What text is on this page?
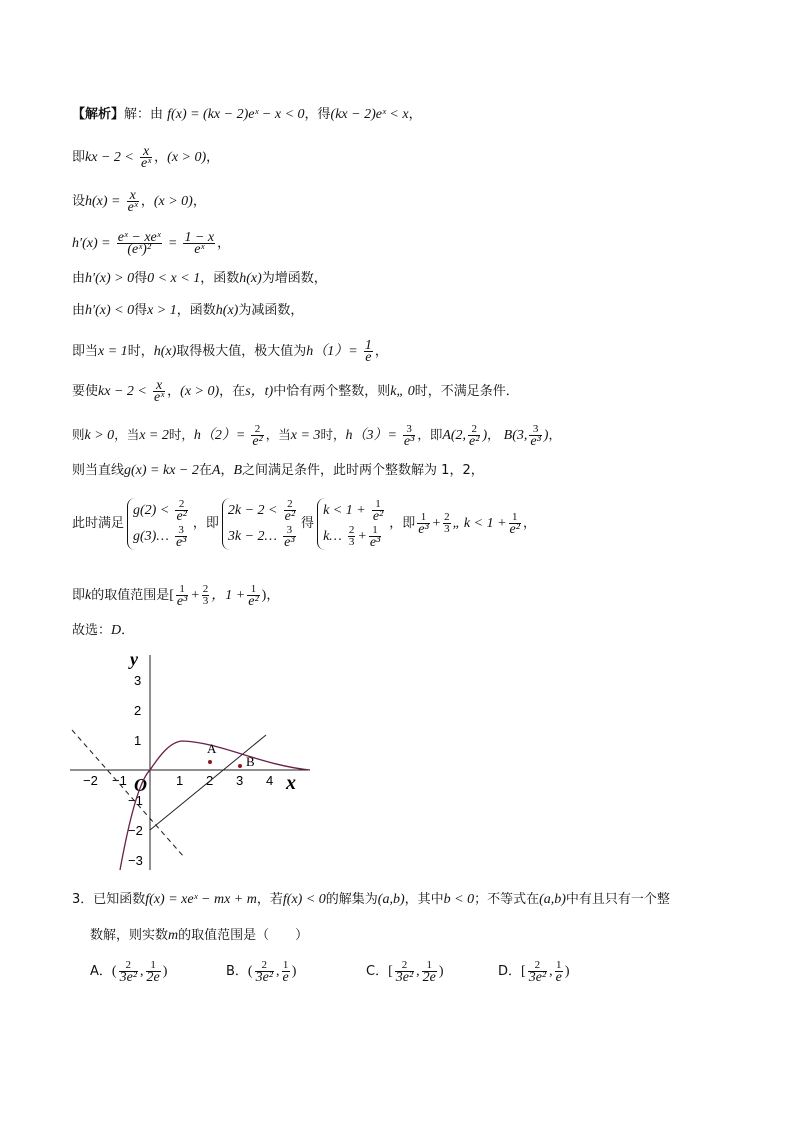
【解析】解：由 f(x) = (kx − 2)eˣ − x < 0，得(kx − 2)eˣ < x，
即kx − $2 < \frac{x}{\text{eˣ}}$ ，(x > 0)，
设$h(x) = \frac{x}{\text{eˣ}}$ ，(x > 0)，
$h'(x) = \frac{\text{eˣ − xeˣ}}{\text{(eˣ)²}} = \frac{1 - x}{\text{eˣ}}$ ，
由h′(x) > 0得0 < x < 1，函数h(x)为增函数，
由h′(x) < 0得x > 1，函数h(x)为减函数，
即当x = 1时，h(x)取得极大值，极大值为$h(1)= \frac{1}{e}$ ，
要使kx − $2 < \frac{x}{\text{eˣ}}$ ，(x > 0)，在s，t)中恰有两个整数，则k„ 0时，不满足条件．
则k > 0，当x = 2时，$h(2)= \frac{2}{\text{e²}}$ ，当x = 3时，$h(3)= \frac{3}{\text{e³}}$ ，即A(2, $\frac{2}{\text{e²}}$ )， B(3, $\frac{3}{\text{e³}}$ )，
则当直线g(x) = kx − 2在A，B之间满足条件，此时两个整数解为 1，2，
此时满足
$g(2) < \frac{2}{\text{e²}}$
g(3)… $\frac{3}{\text{e³}}$
，即
$2k - 2 < \frac{2}{\text{e²}}$
3k − 2… $\frac{3}{\text{e³}}$
得
$k < 1 + \frac{1}{\text{e²}}$
k… $\frac{2}{3} + \frac{1}{\text{e³}}$
，即 $\frac{1}{\text{e³}} + \frac{2}{3}$ „ $k < 1 + \frac{1}{\text{e²}}$ ，
即k的取值范围是[ $\frac{1}{\text{e³}} + \frac{2}{3}$ ，$1 + \frac{1}{\text{e²}}$ )，
故选：D．
y
x
O
−2 −1	1 2 3 4
3
2
1
−1
−2
−3
A
B
3．已知函数f(x) = xeˣ − mx + m，若f(x) < 0的解集为(a,b)，其中b < 0；不等式在(a,b)中有且只有一个整
数解，则实数m的取值范围是（　　）
A．( $\frac{2}{\text{3e²}}$ , $\frac{1}{2e}$ )	B．( $\frac{2}{\text{3e²}}$ , $\frac{1}{e}$ )	C．[ $\frac{2}{\text{3e²}}$ , $\frac{1}{2e}$ )	D．[ $\frac{2}{\text{3e²}}$ , $\frac{1}{e}$ )
